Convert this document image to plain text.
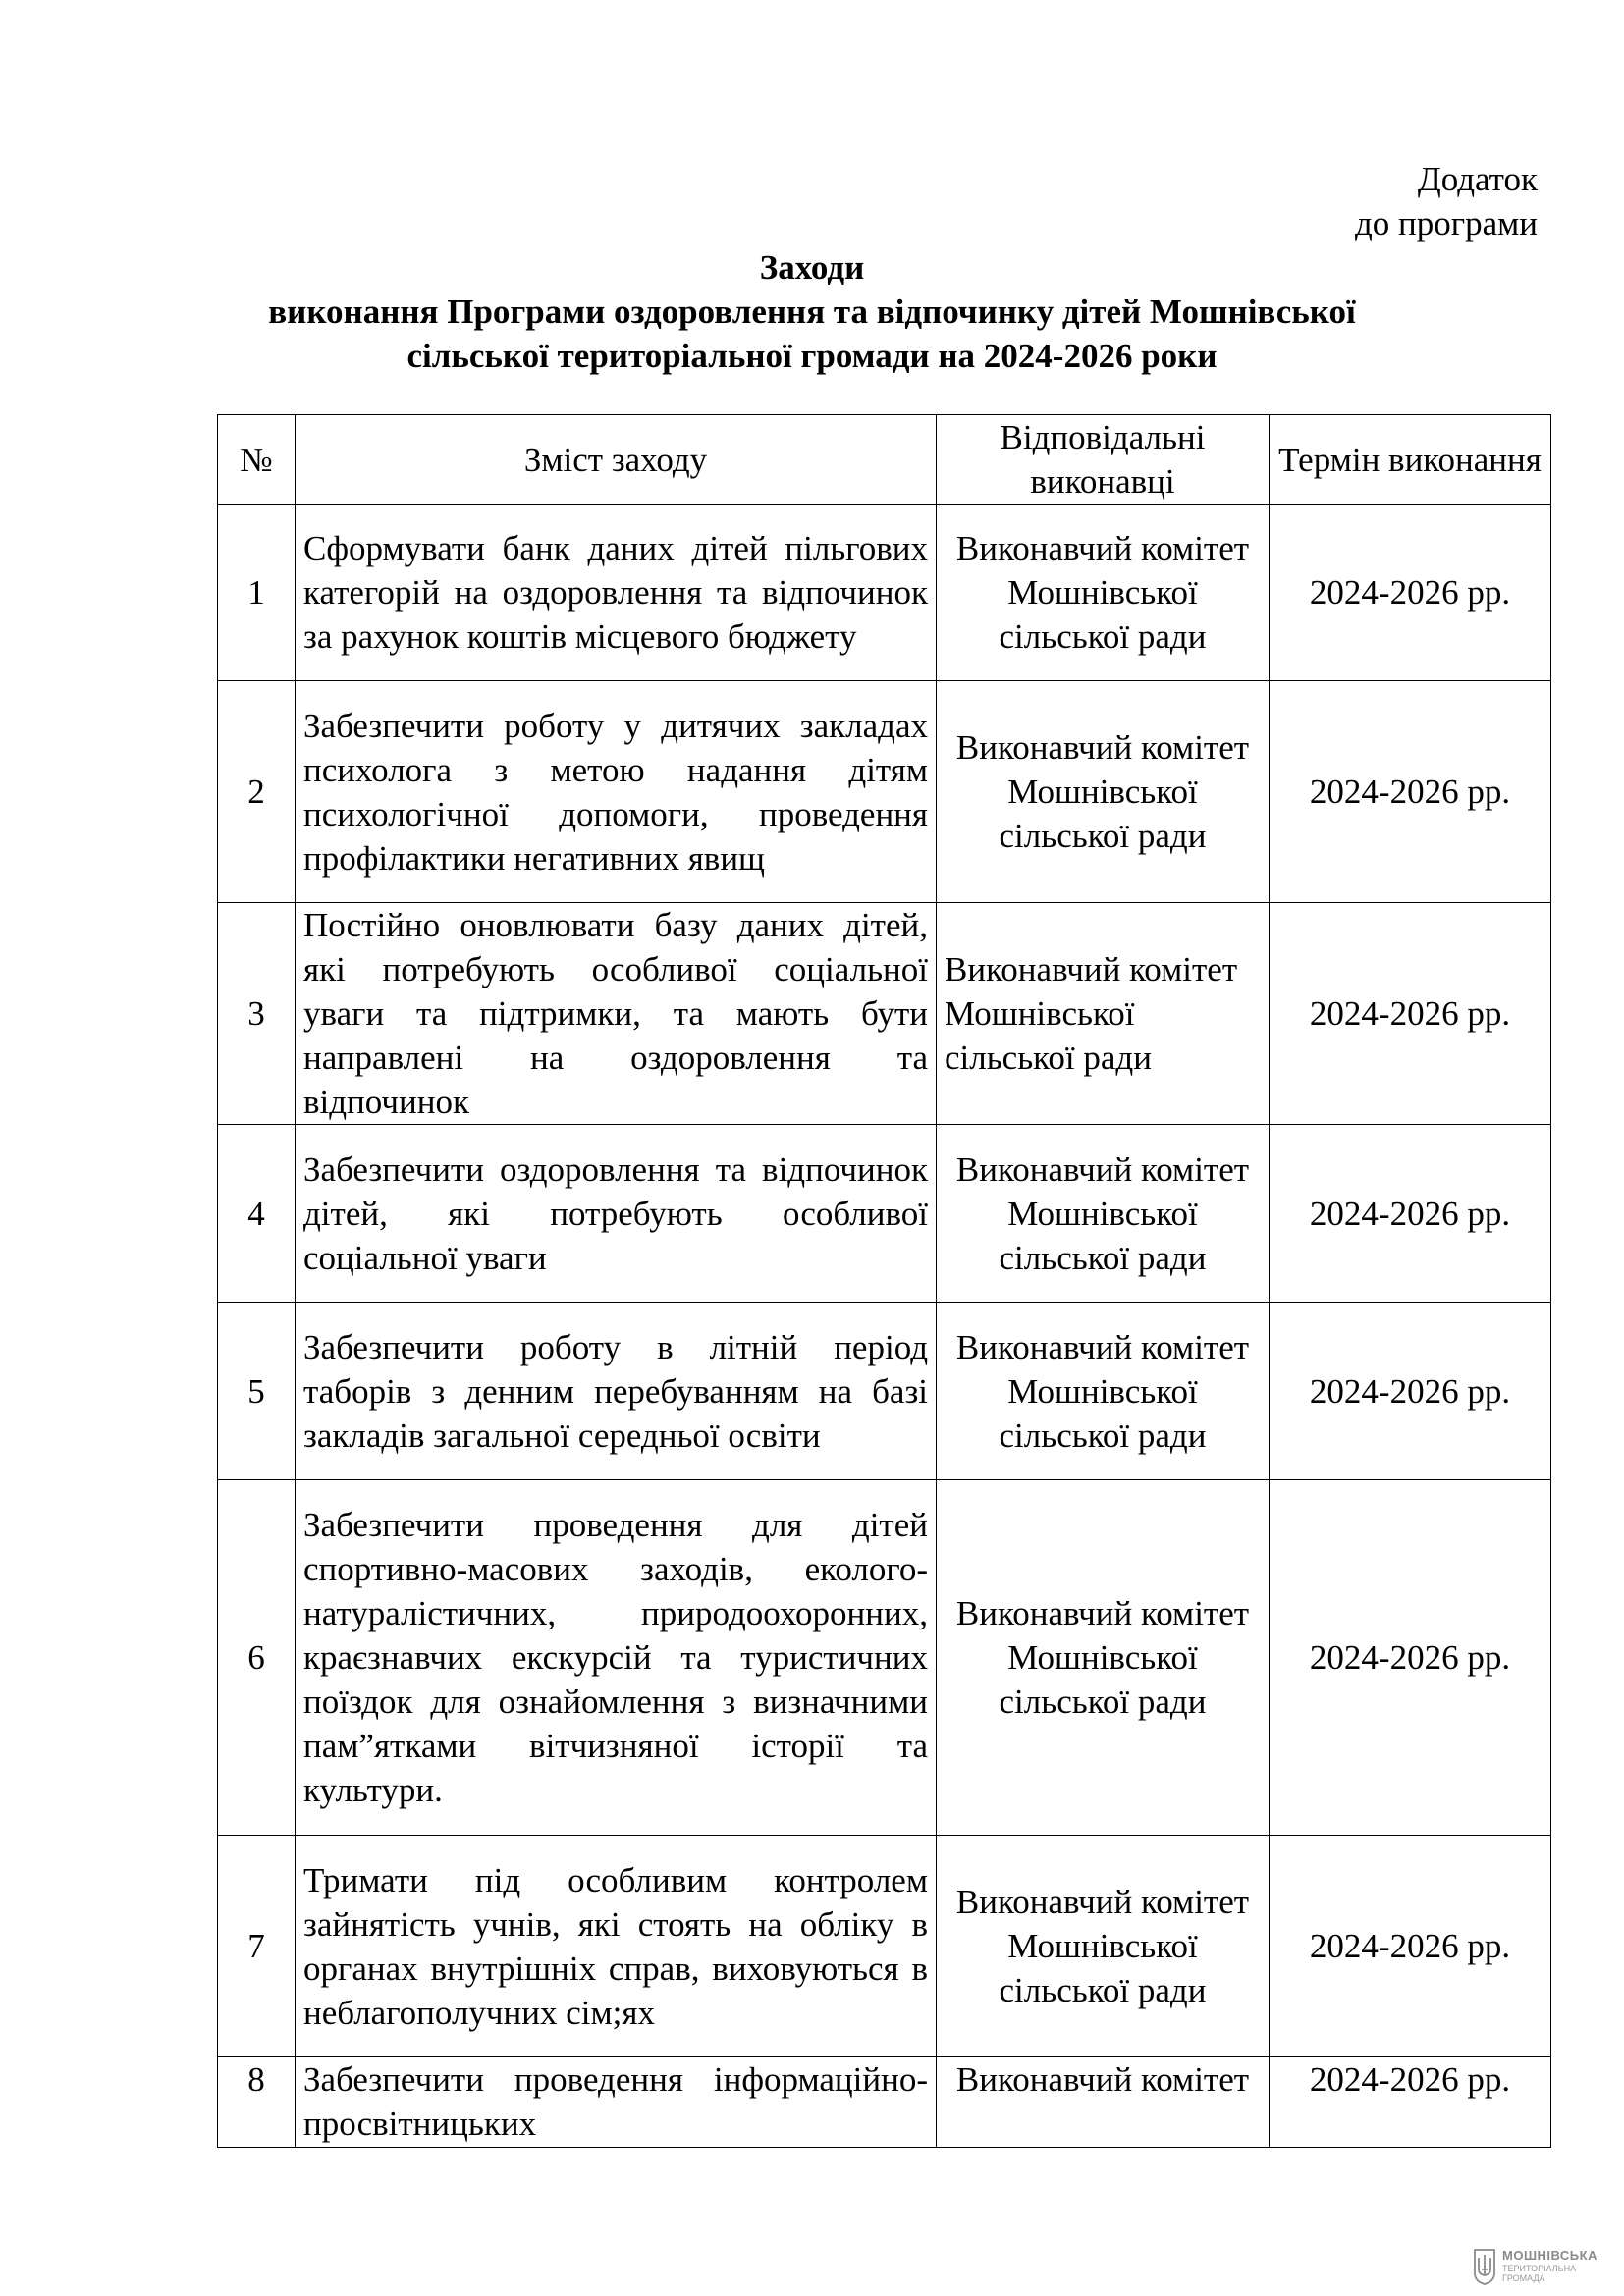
Додаток
до програми
Заходи
виконання Програми оздоровлення та відпочинку дітей Мошнівської
сільської територіальної громади на 2024-2026 роки
№	Зміст заходу	Відповідальні виконавці	Термін виконання
1	Сформувати банк даних дітей пільгових категорій на оздоровлення та відпочинок за рахунок коштів місцевого бюджету	Виконавчий комітет Мошнівської сільської ради	2024-2026 рр.
2	Забезпечити роботу у дитячих закладах психолога з метою надання дітям психологічної допомоги, проведення профілактики негативних явищ	Виконавчий комітет Мошнівської сільської ради	2024-2026 рр.
3	Постійно оновлювати базу даних дітей, які потребують особливої соціальної уваги та підтримки, та мають бути направлені на оздоровлення та відпочинок	Виконавчий комітет Мошнівської сільської ради	2024-2026 рр.
4	Забезпечити оздоровлення та відпочинок дітей, які потребують особливої соціальної уваги	Виконавчий комітет Мошнівської сільської ради	2024-2026 рр.
5	Забезпечити роботу в літній період таборів з денним перебуванням на базі закладів загальної середньої освіти	Виконавчий комітет Мошнівської сільської ради	2024-2026 рр.
6	Забезпечити проведення для дітей спортивно-масових заходів, еколого-натуралістичних, природоохоронних, краєзнавчих екскурсій та туристичних поїздок для ознайомлення з визначними пам”ятками вітчизняної історії та культури.	Виконавчий комітет Мошнівської сільської ради	2024-2026 рр.
7	Тримати під особливим контролем зайнятість учнів, які стоять на обліку в органах внутрішніх справ, виховуються в неблагополучних сім;ях	Виконавчий комітет Мошнівської сільської ради	2024-2026 рр.
8	Забезпечити проведення інформаційно-просвітницьких	Виконавчий комітет	2024-2026 рр.
МОШНІВСЬКА
ТЕРИТОРІАЛЬНА ГРОМАДА
